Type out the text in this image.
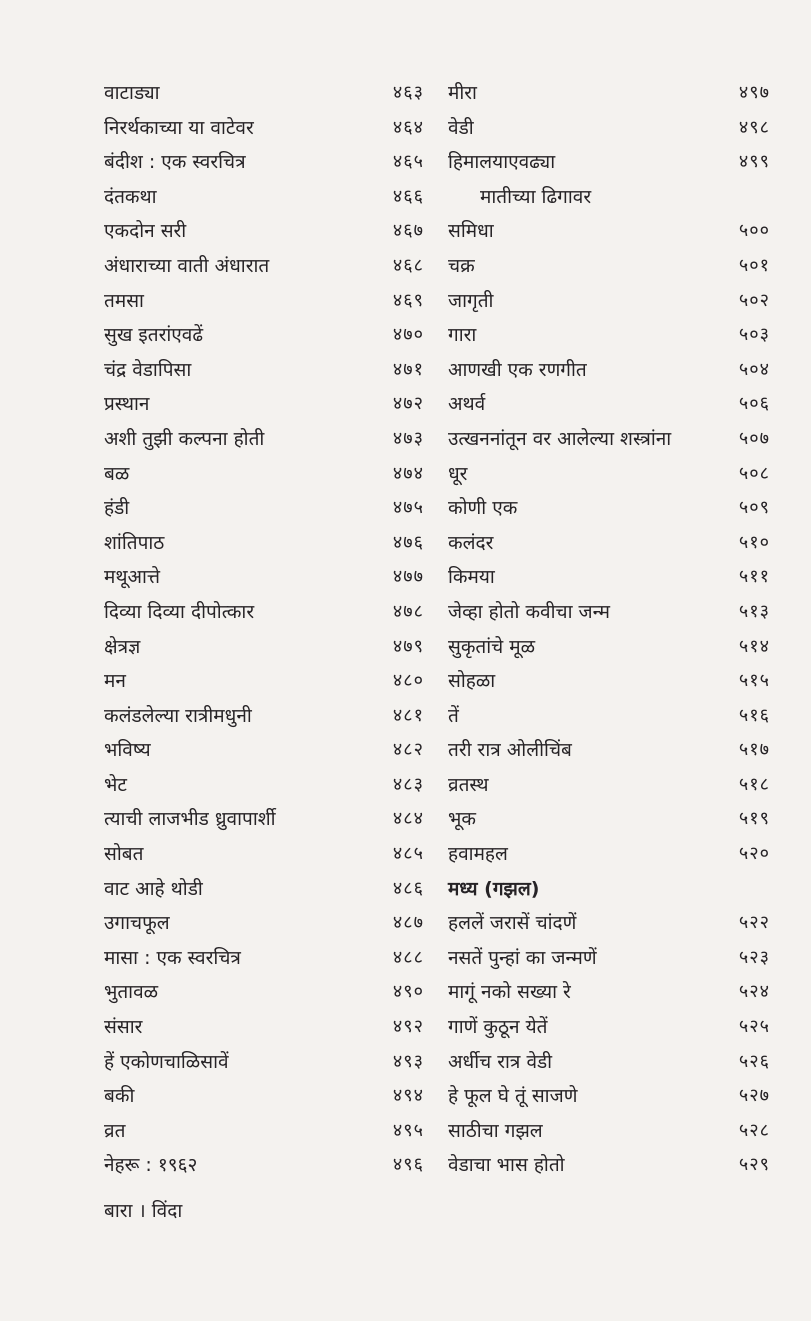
वाटाड्या	४६३
निरर्थकाच्या या वाटेवर	४६४
बंदीश : एक स्वरचित्र	४६५
दंतकथा	४६६
एकदोन सरी	४६७
अंधाराच्या वाती अंधारात	४६८
तमसा	४६९
सुख इतरांएवढें	४७०
चंद्र वेडापिसा	४७१
प्रस्थान	४७२
अशी तुझी कल्पना होती	४७३
बळ	४७४
हंडी	४७५
शांतिपाठ	४७६
मथूआत्ते	४७७
दिव्या दिव्या दीपोत्कार	४७८
क्षेत्रज्ञ	४७९
मन	४८०
कलंडलेल्या रात्रीमधुनी	४८१
भविष्य	४८२
भेट	४८३
त्याची लाजभीड ध्रुवापार्शी	४८४
सोबत	४८५
वाट आहे थोडी	४८६
उगाचफूल	४८७
मासा : एक स्वरचित्र	४८८
भुतावळ	४९०
संसार	४९२
हें एकोणचाळिसावें	४९३
बकी	४९४
व्रत	४९५
नेहरू : १९६२	४९६
मीरा	४९७
वेडी	४९८
हिमालयाएवढ्या	४९९
मातीच्या ढिगावर
समिधा	५००
चक्र	५०१
जागृती	५०२
गारा	५०३
आणखी एक रणगीत	५०४
अथर्व	५०६
उत्खननांतून वर आलेल्या शस्त्रांना	५०७
धूर	५०८
कोणी एक	५०९
कलंदर	५१०
किमया	५११
जेव्हा होतो कवीचा जन्म	५१३
सुकृतांचे मूळ	५१४
सोहळा	५१५
तें	५१६
तरी रात्र ओलीचिंब	५१७
व्रतस्थ	५१८
भूक	५१९
हवामहल	५२०
मध्य (गझल)
हललें जरासें चांदणें	५२२
नसतें पुन्हां का जन्मणें	५२३
मागूं नको सख्या रे	५२४
गाणें कुठून येतें	५२५
अर्धीच रात्र वेडी	५२६
हे फूल घे तूं साजणे	५२७
साठीचा गझल	५२८
वेडाचा भास होतो	५२९
बारा । विंदा
